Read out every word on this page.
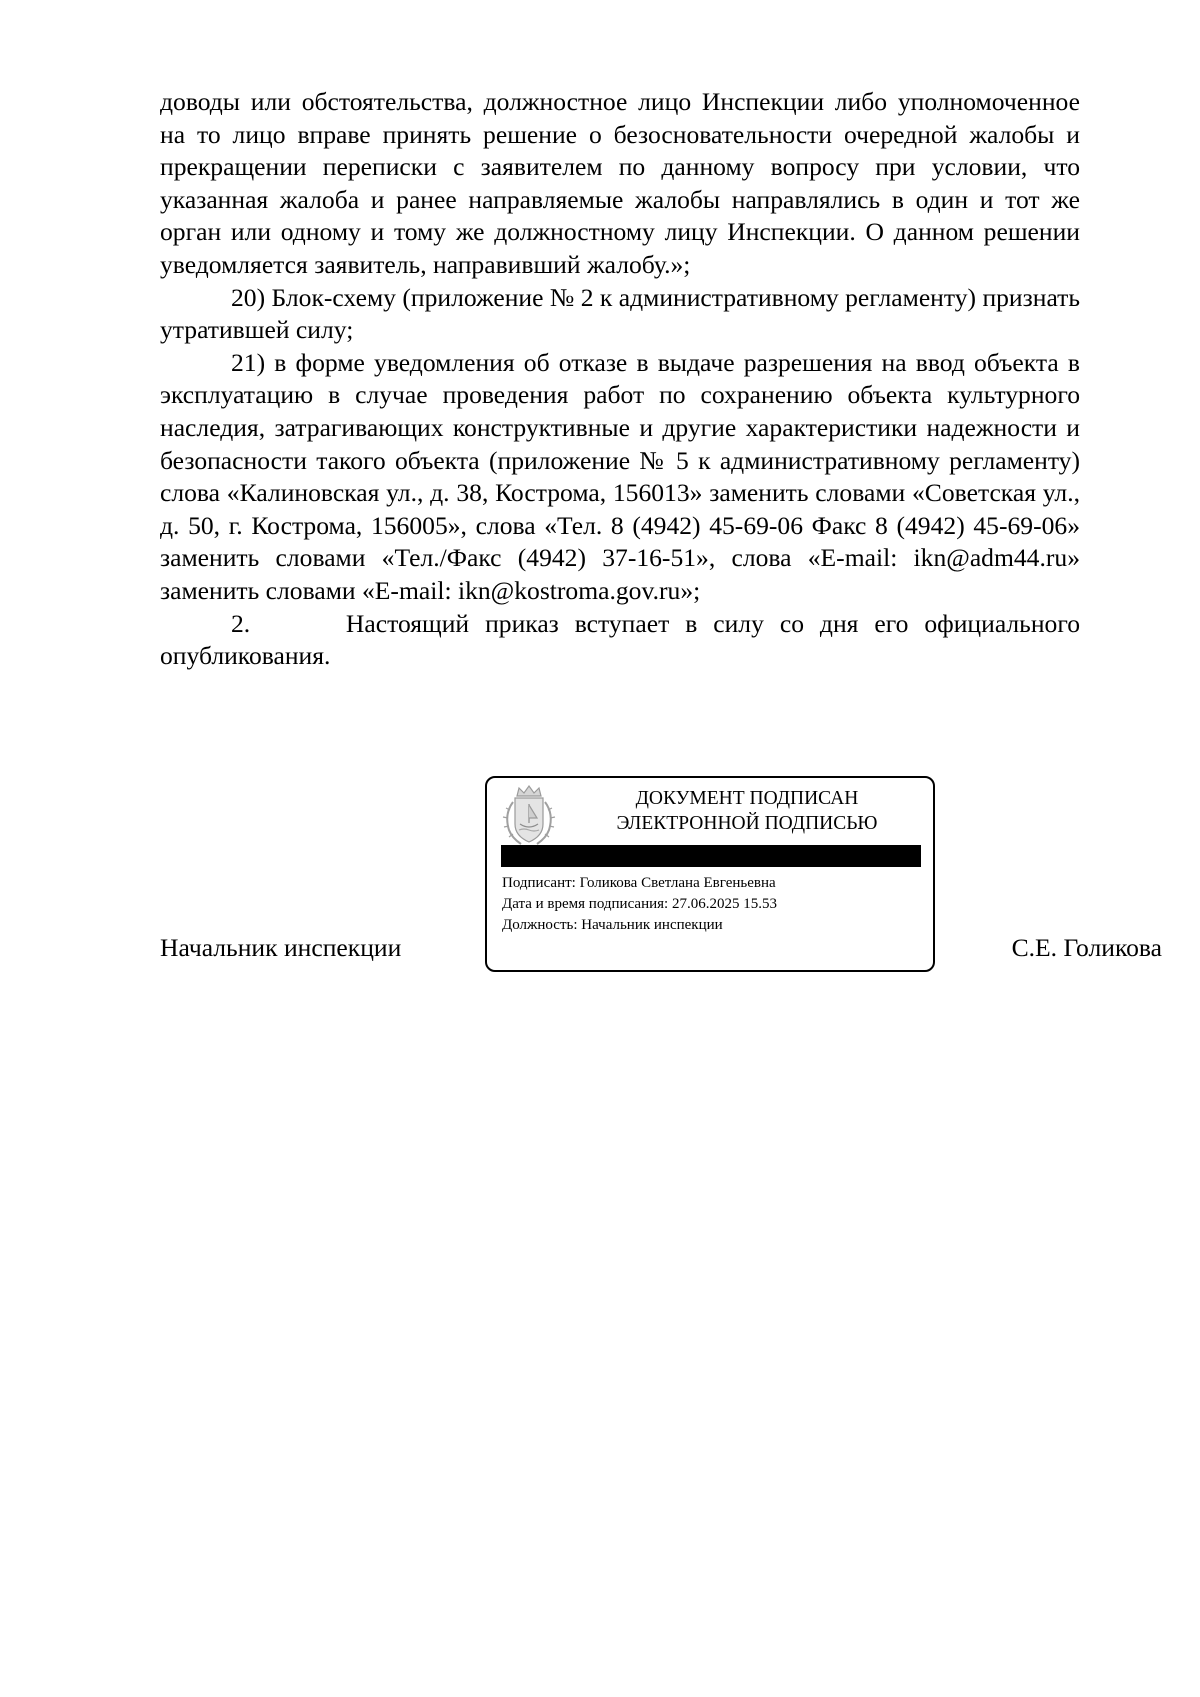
доводы или обстоятельства, должностное лицо Инспекции либо уполномоченное на то лицо вправе принять решение о безосновательности очередной жалобы и прекращении переписки с заявителем по данному вопросу при условии, что указанная жалоба и ранее направляемые жалобы направлялись в один и тот же орган или одному и тому же должностному лицу Инспекции. О данном решении уведомляется заявитель, направивший жалобу.»;

20) Блок-схему (приложение № 2 к административному регламенту) признать утратившей силу;

21) в форме уведомления об отказе в выдаче разрешения на ввод объекта в эксплуатацию в случае проведения работ по сохранению объекта культурного наследия, затрагивающих конструктивные и другие характеристики надежности и безопасности такого объекта (приложение № 5 к административному регламенту) слова «Калиновская ул., д. 38, Кострома, 156013» заменить словами «Советская ул., д. 50, г. Кострома, 156005», слова «Тел. 8 (4942) 45-69-06 Факс 8 (4942) 45-69-06» заменить словами «Тел./Факс (4942) 37-16-51», слова «E-mail: ikn@adm44.ru» заменить словами «E-mail: ikn@kostroma.gov.ru»;

2.      Настоящий приказ вступает в силу со дня его официального опубликования.

Начальник инспекции
ДОКУМЕНТ ПОДПИСАН
ЭЛЕКТРОННОЙ ПОДПИСЬЮ
Подписант: Голикова Светлана Евгеньевна
Дата и время подписания: 27.06.2025 15.53
Должность: Начальник инспекции
С.Е. Голикова
